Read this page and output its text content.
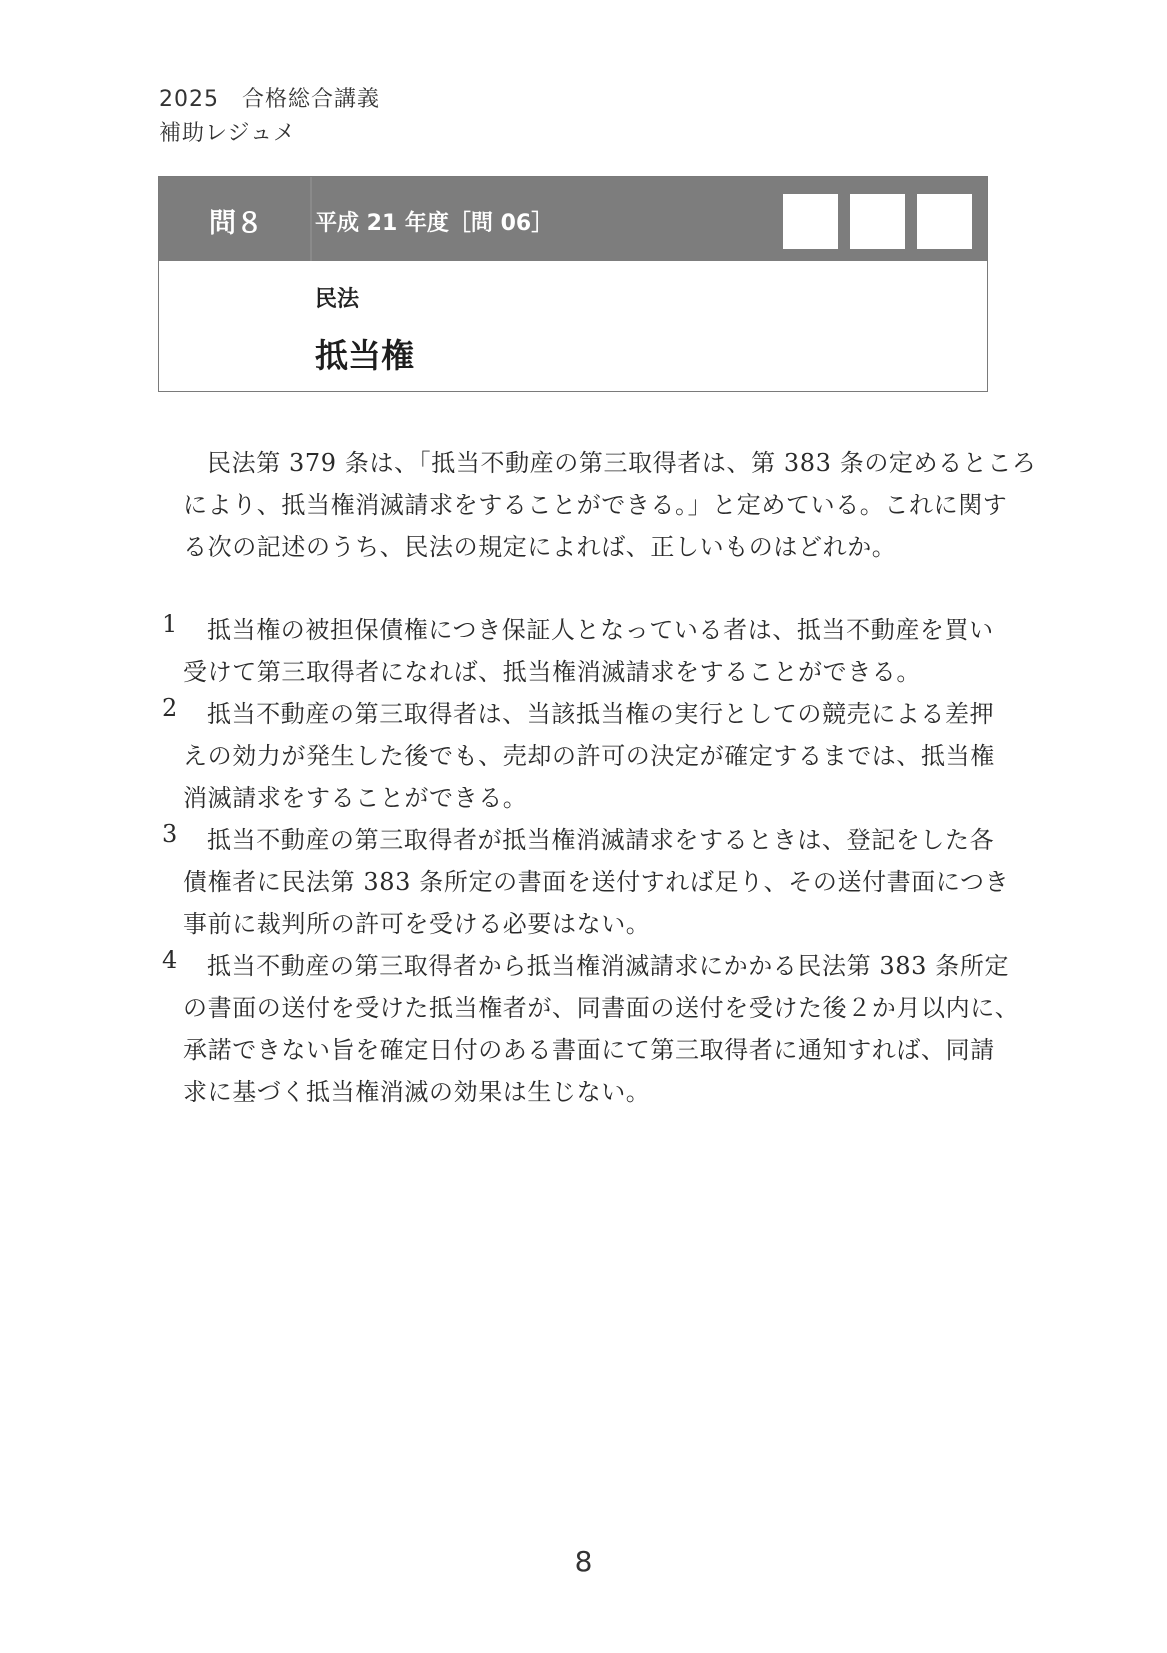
2025　合格総合講義
補助レジュメ
問８ 平成 21 年度［問 06］
民法
抵当権
民法第 379 条は、「抵当不動産の第三取得者は、第 383 条の定めるところ
により、抵当権消滅請求をすることができる。」と定めている。これに関す
る次の記述のうち、民法の規定によれば、正しいものはどれか。
1 抵当権の被担保債権につき保証人となっている者は、抵当不動産を買い
受けて第三取得者になれば、抵当権消滅請求をすることができる。
2 抵当不動産の第三取得者は、当該抵当権の実行としての競売による差押
えの効力が発生した後でも、売却の許可の決定が確定するまでは、抵当権
消滅請求をすることができる。
3 抵当不動産の第三取得者が抵当権消滅請求をするときは、登記をした各
債権者に民法第 383 条所定の書面を送付すれば足り、その送付書面につき
事前に裁判所の許可を受ける必要はない。
4 抵当不動産の第三取得者から抵当権消滅請求にかかる民法第 383 条所定
の書面の送付を受けた抵当権者が、同書面の送付を受けた後２か月以内に、
承諾できない旨を確定日付のある書面にて第三取得者に通知すれば、同請
求に基づく抵当権消滅の効果は生じない。
8
